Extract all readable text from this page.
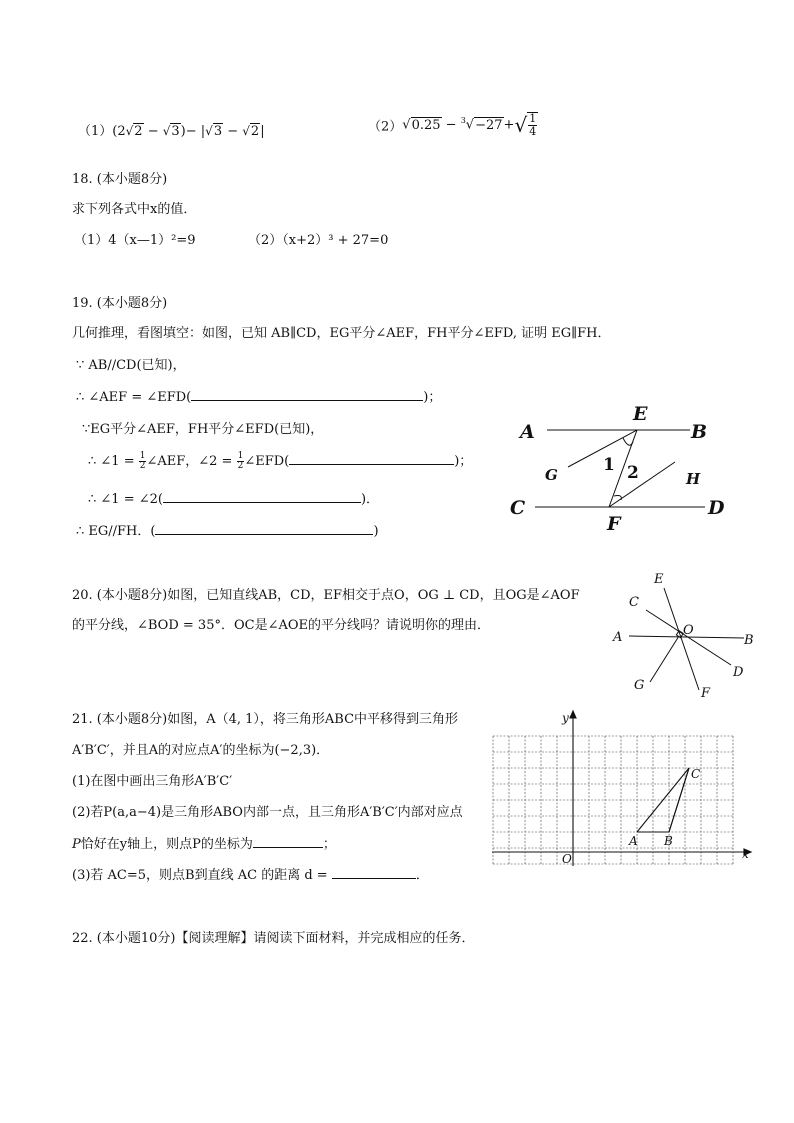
（1）(2√2 − √3)− |√3 − √2|	$(2)√0.25 - ^3√-27+√ \frac{1}{4}$
18. (本小题8分)
求下列各式中x的值．
（1）4（x—1）²=9	（2）（x+2）³ + 27=0
19. (本小题8分)
几何推理，看图填空：如图，已知 AB∥CD，EG平分∠AEF，FH平分∠EFD, 证明 EG∥FH．
∵ AB//CD(已知)，
∴ ∠AEF = ∠EFD(	)；
∵EG平分∠AEF，FH平分∠EFD(已知)，
∴ ∠1 = $\frac{1}{2}$ ∠AEF，∠2 = $\frac{1}{2}$ ∠EFD(	)；
∴ ∠1 = ∠2(	)．
∴ EG//FH．(	)
A	B
C	D
E
F
G	H
1 2
20. (本小题8分)如图，已知直线AB，CD，EF相交于点O，OG ⊥ CD，且OG是∠AOF
的平分线，∠BOD = 35°．OC是∠AOE的平分线吗？请说明你的理由．
A	B
C
D
E
F
G
O
21. (本小题8分)如图，A（4, 1），将三角形ABC中平移得到三角形
A′B′C′，并且A的对应点A′的坐标为(−2,3)．
(1)在图中画出三角形A′B′C′
(2)若P(a,a−4)是三角形ABO内部一点，且三角形A′B′C′内部对应点
P恰好在y轴上，则点P的坐标为	；
(3)若 AC=5，则点B到直线 AC 的距离 d =	．
x
y
O
A B
C
22. (本小题10分)【阅读理解】请阅读下面材料，并完成相应的任务．
